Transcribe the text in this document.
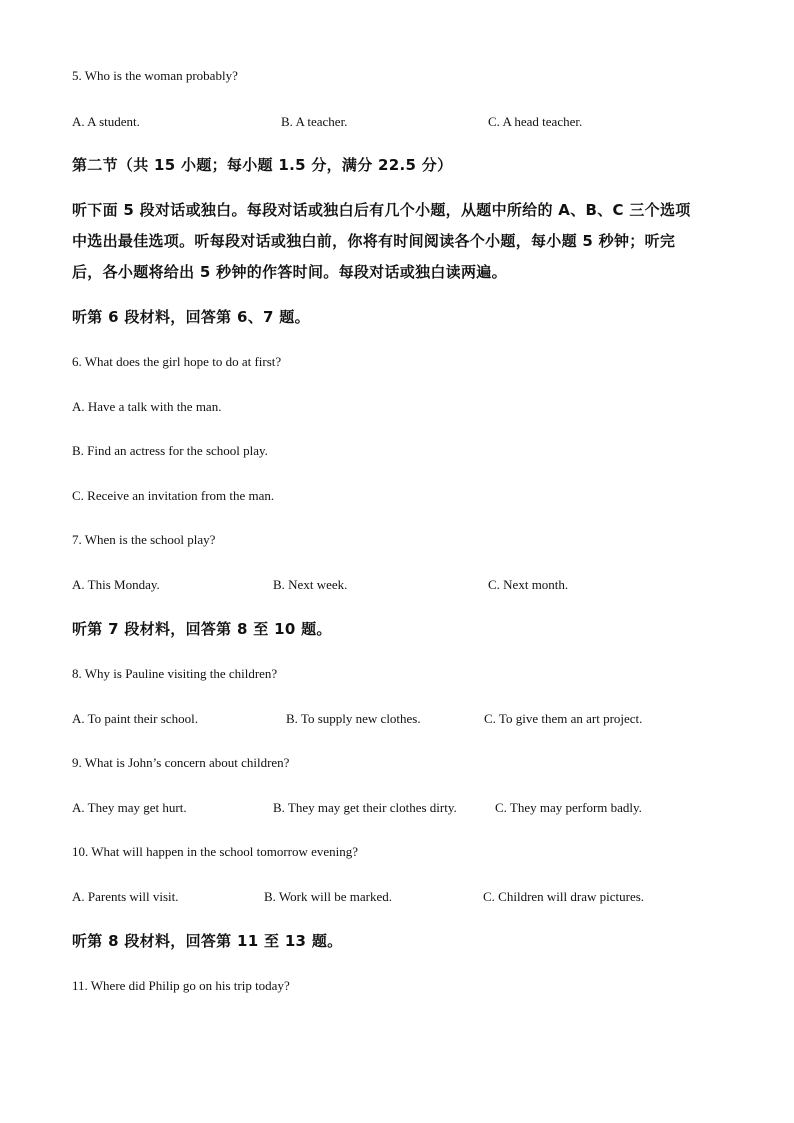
5. Who is the woman probably?
A. A student.	B. A teacher.	C. A head teacher.
第二节（共 15 小题；每小题 1.5 分，满分 22.5 分）
听下面 5 段对话或独白。每段对话或独白后有几个小题，从题中所给的 A、B、C 三个选项
中选出最佳选项。听每段对话或独白前，你将有时间阅读各个小题，每小题 5 秒钟；听完
后，各小题将给出 5 秒钟的作答时间。每段对话或独白读两遍。
听第 6 段材料，回答第 6、7 题。
6. What does the girl hope to do at first?
A. Have a talk with the man.
B. Find an actress for the school play.
C. Receive an invitation from the man.
7. When is the school play?
A. This Monday.	B. Next week.	C. Next month.
听第 7 段材料，回答第 8 至 10 题。
8. Why is Pauline visiting the children?
A. To paint their school.	B. To supply new clothes.	C. To give them an art project.
9. What is John’s concern about children?
A. They may get hurt.	B. They may get their clothes dirty.	C. They may perform badly.
10. What will happen in the school tomorrow evening?
A. Parents will visit.	B. Work will be marked.	C. Children will draw pictures.
听第 8 段材料，回答第 11 至 13 题。
11. Where did Philip go on his trip today?
